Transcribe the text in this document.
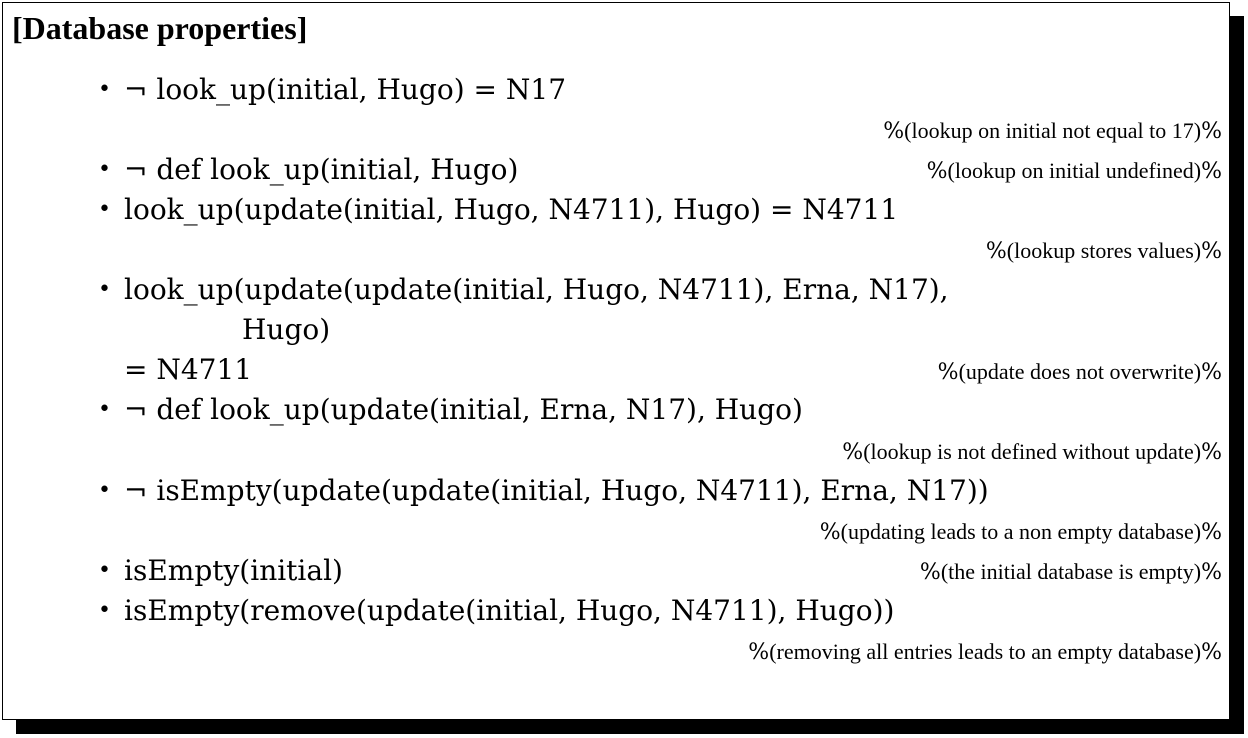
[Database properties]
• ¬ look_up(initial, Hugo) = N17
%(lookup on initial not equal to 17)%
• ¬ def look_up(initial, Hugo)	%(lookup on initial undefined)%
• look_up(update(initial, Hugo, N4711), Hugo) = N4711
%(lookup stores values)%
• look_up(update(update(initial, Hugo, N4711), Erna, N17),
Hugo)
= N4711	%(update does not overwrite)%
• ¬ def look_up(update(initial, Erna, N17), Hugo)
%(lookup is not defined without update)%
• ¬ isEmpty(update(update(initial, Hugo, N4711), Erna, N17))
%(updating leads to a non empty database)%
• isEmpty(initial)	%(the initial database is empty)%
• isEmpty(remove(update(initial, Hugo, N4711), Hugo))
%(removing all entries leads to an empty database)%
